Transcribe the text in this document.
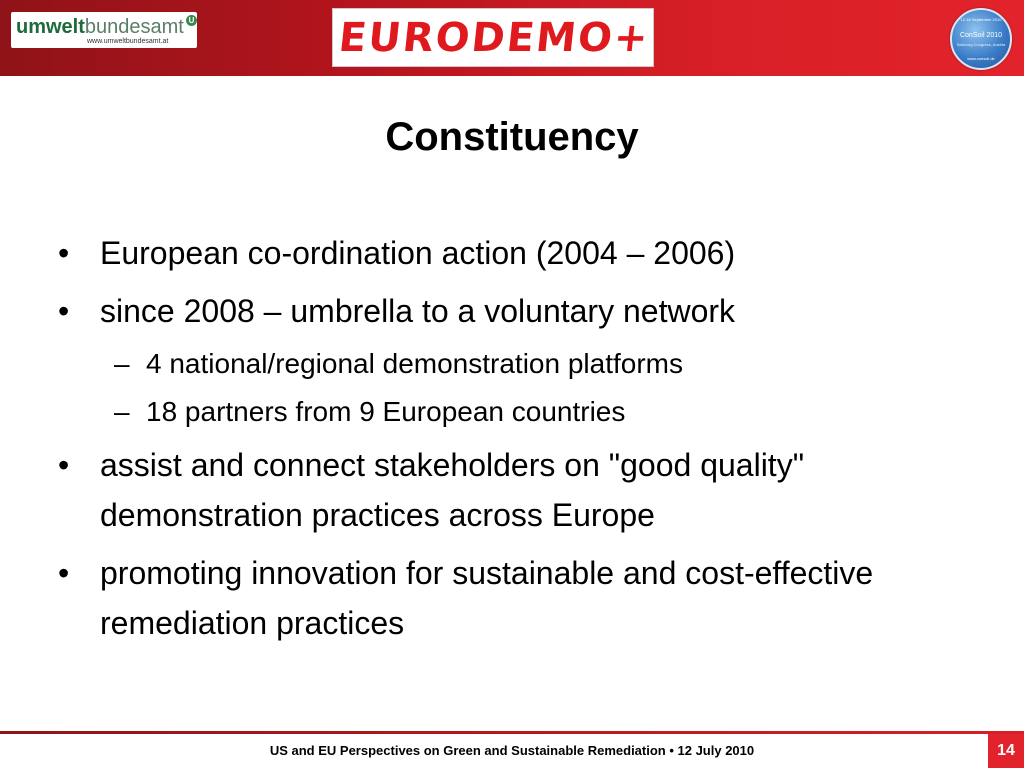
umweltbundesamt U
www.umweltbundesamt.at	EURODEMO+	12-16 September 2010
ConSoil 2010
Salzburg Congress, Austria
www.consoil.de
Constituency
• European co-ordination action (2004 – 2006)
• since 2008 – umbrella to a voluntary network
– 4 national/regional demonstration platforms
– 18 partners from 9 European countries
• assist and connect stakeholders on "good quality" demonstration practices across Europe
• promoting innovation for sustainable and cost-effective remediation practices
US and EU Perspectives on Green and Sustainable Remediation • 12 July 2010	14
